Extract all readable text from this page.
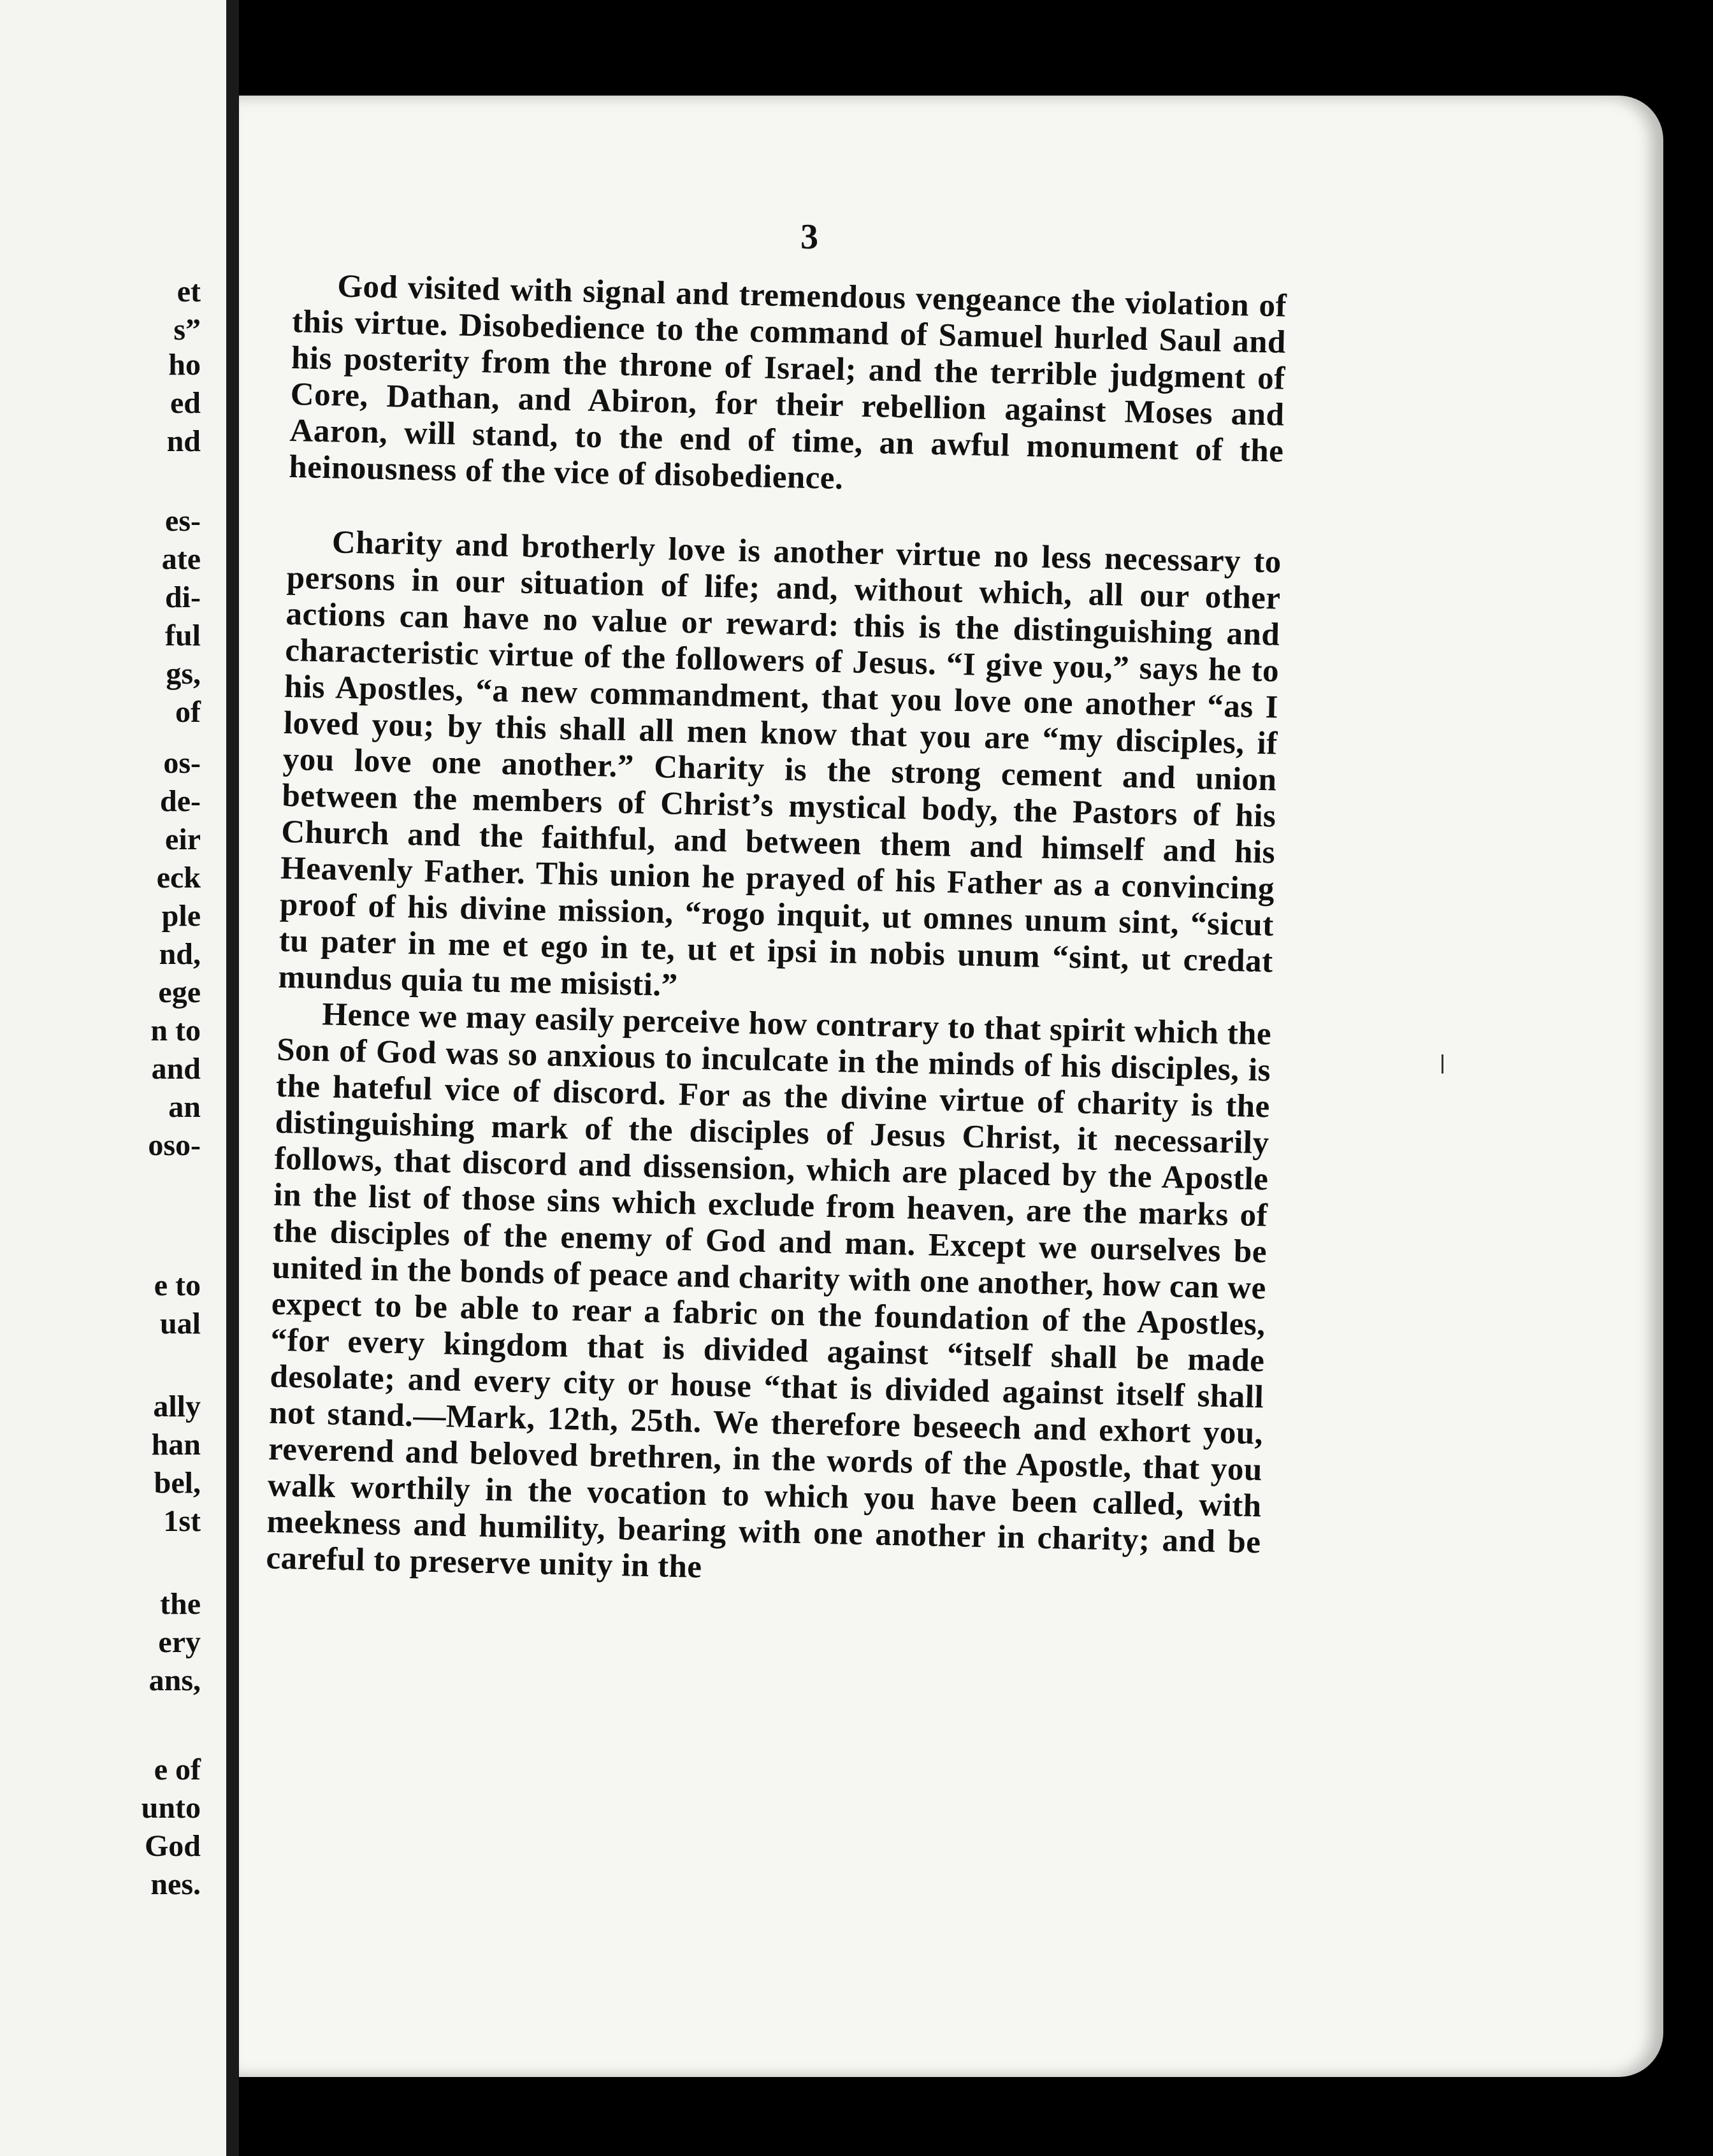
et
s”
ho
ed
nd
es-
ate
di-
ful
gs,
of
os-
de-
eir
eck
ple
nd,
ege
n to
and
an
oso-
e to
ual
ally
han
bel,
1st
the
ery
ans,
e of
unto
God
nes.
3

God visited with signal and tremendous vengeance the violation of this virtue. Disobedience to the command of Samuel hurled Saul and his posterity from the throne of Israel; and the terrible judgment of Core, Dathan, and Abiron, for their rebellion against Moses and Aaron, will stand, to the end of time, an awful monument of the heinousness of the vice of disobedience.

Charity and brotherly love is another virtue no less necessary to persons in our situation of life; and, without which, all our other actions can have no value or reward: this is the distinguishing and characteristic virtue of the followers of Jesus. “I give you,” says he to his Apostles, “a new commandment, that you love one another “as I loved you; by this shall all men know that you are “my disciples, if you love one another.” Charity is the strong cement and union between the members of Christ’s mystical body, the Pastors of his Church and the faithful, and between them and himself and his Heavenly Father. This union he prayed of his Father as a convincing proof of his divine mission, “rogo inquit, ut omnes unum sint, “sicut tu pater in me et ego in te, ut et ipsi in nobis unum “sint, ut credat mundus quia tu me misisti.”

Hence we may easily perceive how contrary to that spirit which the Son of God was so anxious to inculcate in the minds of his disciples, is the hateful vice of discord. For as the divine virtue of charity is the distinguishing mark of the disciples of Jesus Christ, it necessarily follows, that discord and dissension, which are placed by the Apostle in the list of those sins which exclude from heaven, are the marks of the disciples of the enemy of God and man. Except we ourselves be united in the bonds of peace and charity with one another, how can we expect to be able to rear a fabric on the foundation of the Apostles, “for every kingdom that is divided against “itself shall be made desolate; and every city or house “that is divided against itself shall not stand.—Mark, 12th, 25th. We therefore beseech and exhort you, reverend and beloved brethren, in the words of the Apostle, that you walk worthily in the vocation to which you have been called, with meekness and humility, bearing with one another in charity; and be careful to preserve unity in the
